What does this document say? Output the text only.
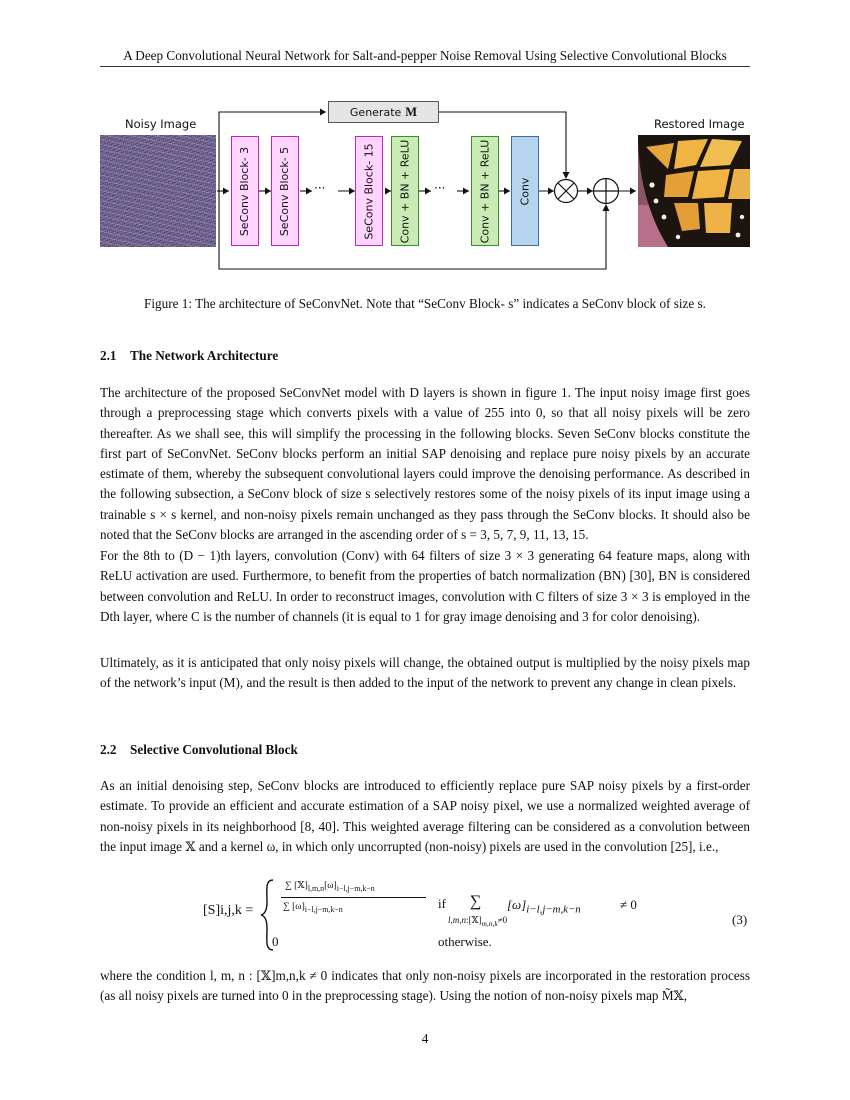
A Deep Convolutional Neural Network for Salt-and-pepper Noise Removal Using Selective Convolutional Blocks
Noisy Image	Restored Image
Generate M
SeConv Block- 3 SeConv Block- 5	SeConv Block- 15 Conv + BN + ReLU	Conv + BN + ReLU Conv
···	···
Figure 1: The architecture of SeConvNet. Note that “SeConv Block- s” indicates a SeConv block of size s.
2.1 The Network Architecture

The architecture of the proposed SeConvNet model with D layers is shown in figure 1. The input noisy image first goes through a preprocessing stage which converts pixels with a value of 255 into 0, so that all noisy pixels will be zero thereafter. As we shall see, this will simplify the processing in the following blocks. Seven SeConv blocks constitute the first part of SeConvNet. SeConv blocks perform an initial SAP denoising and replace pure noisy pixels by an accurate estimate of them, whereby the subsequent convolutional layers could improve the denoising performance. As described in the following subsection, a SeConv block of size s selectively restores some of the noisy pixels of its input image using a trainable s × s kernel, and non-noisy pixels remain unchanged as they pass through the SeConv blocks. It should also be noted that the SeConv blocks are arranged in the ascending order of s = 3, 5, 7, 9, 11, 13, 15.

For the 8th to (D − 1)th layers, convolution (Conv) with 64 filters of size 3 × 3 generating 64 feature maps, along with ReLU activation are used. Furthermore, to benefit from the properties of batch normalization (BN) [30], BN is considered between convolution and ReLU. In order to reconstruct images, convolution with C filters of size 3 × 3 is employed in the Dth layer, where C is the number of channels (it is equal to 1 for gray image denoising and 3 for color denoising).

Ultimately, as it is anticipated that only noisy pixels will change, the obtained output is multiplied by the noisy pixels map of the network’s input (M), and the result is then added to the input of the network to prevent any change in clean pixels.

2.2 Selective Convolutional Block

As an initial denoising step, SeConv blocks are introduced to efficiently replace pure SAP noisy pixels by a first-order estimate. To provide an efficient and accurate estimation of a SAP noisy pixel, we use a normalized weighted average of non-noisy pixels in its neighborhood [8, 40]. This weighted average filtering can be considered as a convolution between the input image 𝕏 and a kernel ω, in which only uncorrupted (non-noisy) pixels are used in the convolution [25], i.e.,

[S]i,j,k =
∑ $[𝕏]_{l,m,n}[\omega]_{i-l,j-m,k-n}$
∑ $[\omega]_{i-l,j-m,k-n}$	if ∑ $[\omega]_{i-l,j-m,k-n}$	≠ 0
$l,m,n:[𝕏]_{m,n,k}\ne 0$
0	otherwise.
(3)

where the condition l, m, n : [𝕏]m,n,k ≠ 0 indicates that only non-noisy pixels are incorporated in the restoration process (as all noisy pixels are turned into 0 in the preprocessing stage). Using the notion of non-noisy pixels map M̃𝕏,

4
